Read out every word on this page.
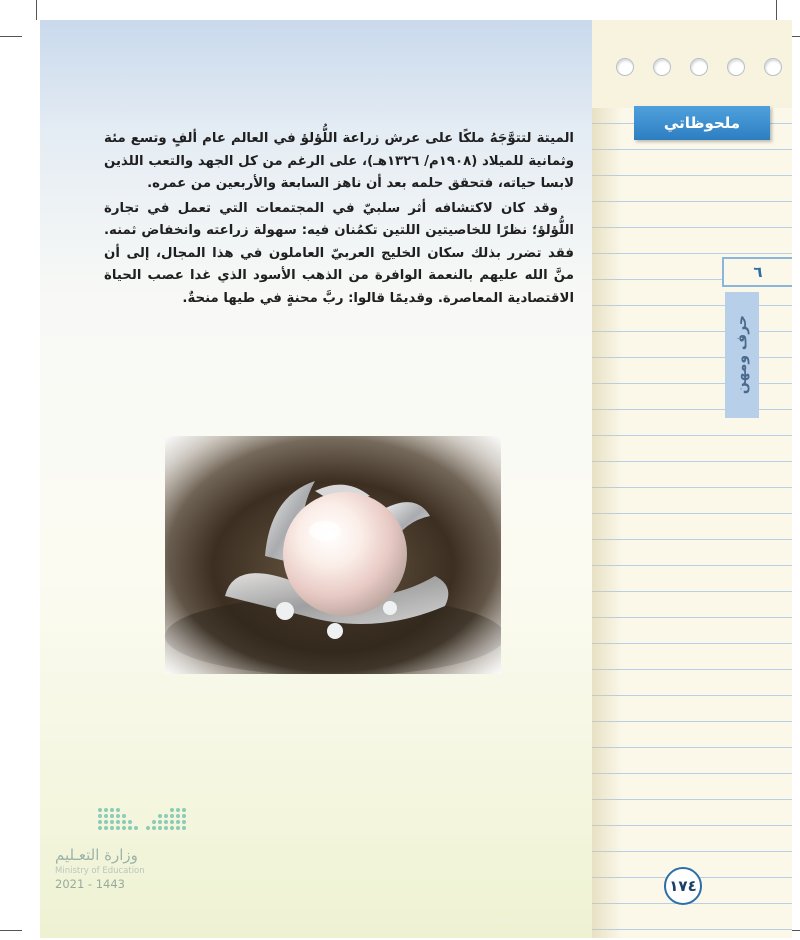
ملحوظاتي
٦
حرف ومهن

الميتة لتتوَّجَهُ ملكًا على عرش زراعة اللُّؤلؤ في العالم عام ألفٍ وتسع مئة وثمانية للميلاد (١٩٠٨م/ ١٣٢٦هـ)، على الرغم من كل الجهد والتعب اللذين لابسا حياته، فتحقق حلمه بعد أن ناهز السابعة والأربعين من عمره.

وقد كان لاكتشافه أثر سلبيّ في المجتمعات التي تعمل في تجارة اللُّؤلؤ؛ نظرًا للخاصيتين اللتين تكمُنان فيه: سهولة زراعته وانخفاض ثمنه. فقد تضرر بذلك سكان الخليج العربيّ العاملون في هذا المجال، إلى أن منَّ الله عليهم بالنعمة الوافرة من الذهب الأسود الذي غدا عصب الحياة الاقتصادية المعاصرة. وقديمًا قالوا: ربَّ محنةٍ في طيها منحةٌ.

وزارة التعـليم
Ministry of Education
2021 - 1443	١٧٤
